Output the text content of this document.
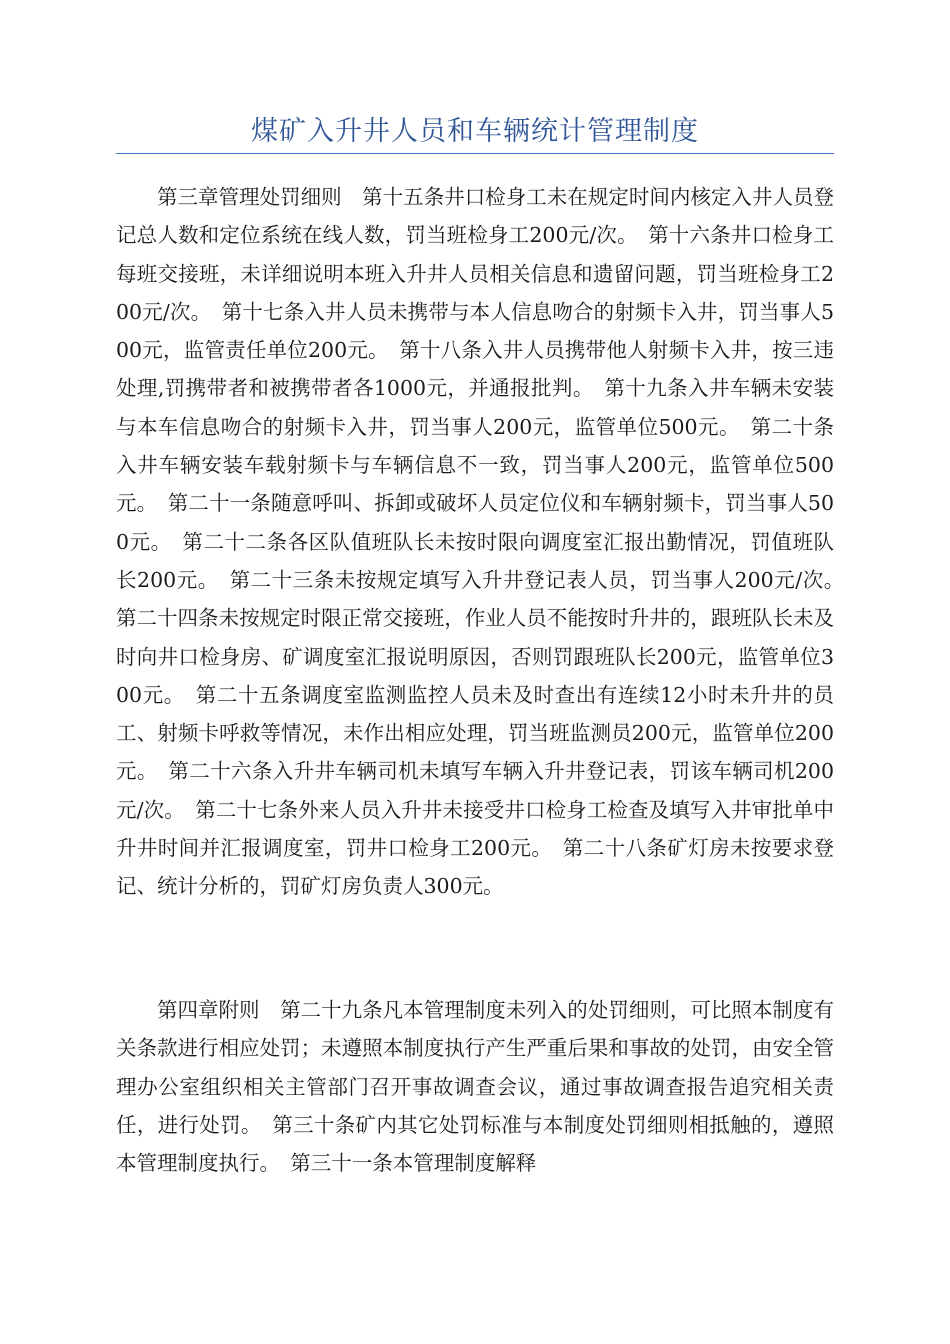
煤矿入升井人员和车辆统计管理制度

第三章管理处罚细则　第十五条井口检身工未在规定时间内核定入井人员登记总人数和定位系统在线人数，罚当班检身工200元/次。　第十六条井口检身工每班交接班，未详细说明本班入升井人员相关信息和遗留问题，罚当班检身工200元/次。　第十七条入井人员未携带与本人信息吻合的射频卡入井，罚当事人500元，监管责任单位200元。　第十八条入井人员携带他人射频卡入井，按三违处理,罚携带者和被携带者各1000元，并通报批判。　第十九条入井车辆未安装与本车信息吻合的射频卡入井，罚当事人200元，监管单位500元。　第二十条入井车辆安装车载射频卡与车辆信息不一致，罚当事人200元，监管单位500元。　第二十一条随意呼叫、拆卸或破坏人员定位仪和车辆射频卡，罚当事人500元。　第二十二条各区队值班队长未按时限向调度室汇报出勤情况，罚值班队长200元。　第二十三条未按规定填写入升井登记表人员，罚当事人200元/次。　第二十四条未按规定时限正常交接班，作业人员不能按时升井的，跟班队长未及时向井口检身房、矿调度室汇报说明原因，否则罚跟班队长200元，监管单位300元。　第二十五条调度室监测监控人员未及时查出有连续12小时未升井的员工、射频卡呼救等情况，未作出相应处理，罚当班监测员200元，监管单位200元。　第二十六条入升井车辆司机未填写车辆入升井登记表，罚该车辆司机200元/次。　第二十七条外来人员入升井未接受井口检身工检查及填写入井审批单中升井时间并汇报调度室，罚井口检身工200元。　第二十八条矿灯房未按要求登记、统计分析的，罚矿灯房负责人300元。

第四章附则　第二十九条凡本管理制度未列入的处罚细则，可比照本制度有关条款进行相应处罚；未遵照本制度执行产生严重后果和事故的处罚，由安全管理办公室组织相关主管部门召开事故调查会议，通过事故调查报告追究相关责任，进行处罚。　第三十条矿内其它处罚标准与本制度处罚细则相抵触的，遵照本管理制度执行。　第三十一条本管理制度解释
